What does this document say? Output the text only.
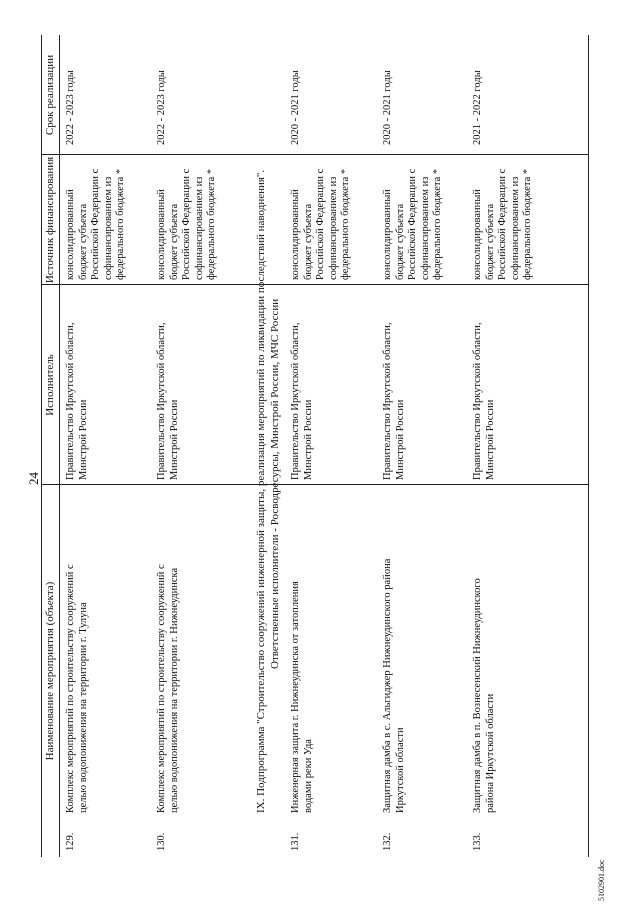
24
Наименование мероприятия (объекта)
Исполнитель
Источник финансирования
Срок реализации
129.
Комплекс мероприятий по строительству сооружений с
целью водопонижения на территории г. Тулуна
Правительство Иркутской области,
Минстрой России
консолидированный
бюджет субъекта
Российской Федерации с
софинансированием из
федерального бюджета *
2022 - 2023 годы
130.
Комплекс мероприятий по строительству сооружений с
целью водопонижения на территории г. Нижнеудинска
Правительство Иркутской области,
Минстрой России
консолидированный
бюджет субъекта
Российской Федерации с
софинансированием из
федерального бюджета *
2022 - 2023 годы
IX. Подпрограмма "Строительство сооружений инженерной защиты, реализация мероприятий по ликвидации последствий наводнения". Ответственные исполнители - Росводресурсы, Минстрой России, МЧС России
131.
Инженерная защита г. Нижнеудинска от затопления
водами реки Уда
Правительство Иркутской области,
Минстрой России
консолидированный
бюджет субъекта
Российской Федерации с
софинансированием из
федерального бюджета *
2020 - 2021 годы
132.
Защитная дамба в с. Альгиджер Нижнеудинского района
Иркутской области
Правительство Иркутской области,
Минстрой России
консолидированный
бюджет субъекта
Российской Федерации с
софинансированием из
федерального бюджета *
2020 - 2021 годы
133.
Защитная дамба в п. Вознесенский Нижнеудинского
района Иркутской области
Правительство Иркутской области,
Минстрой России
консолидированный
бюджет субъекта
Российской Федерации с
софинансированием из
федерального бюджета *
2021 - 2022 годы
5102901.doc
